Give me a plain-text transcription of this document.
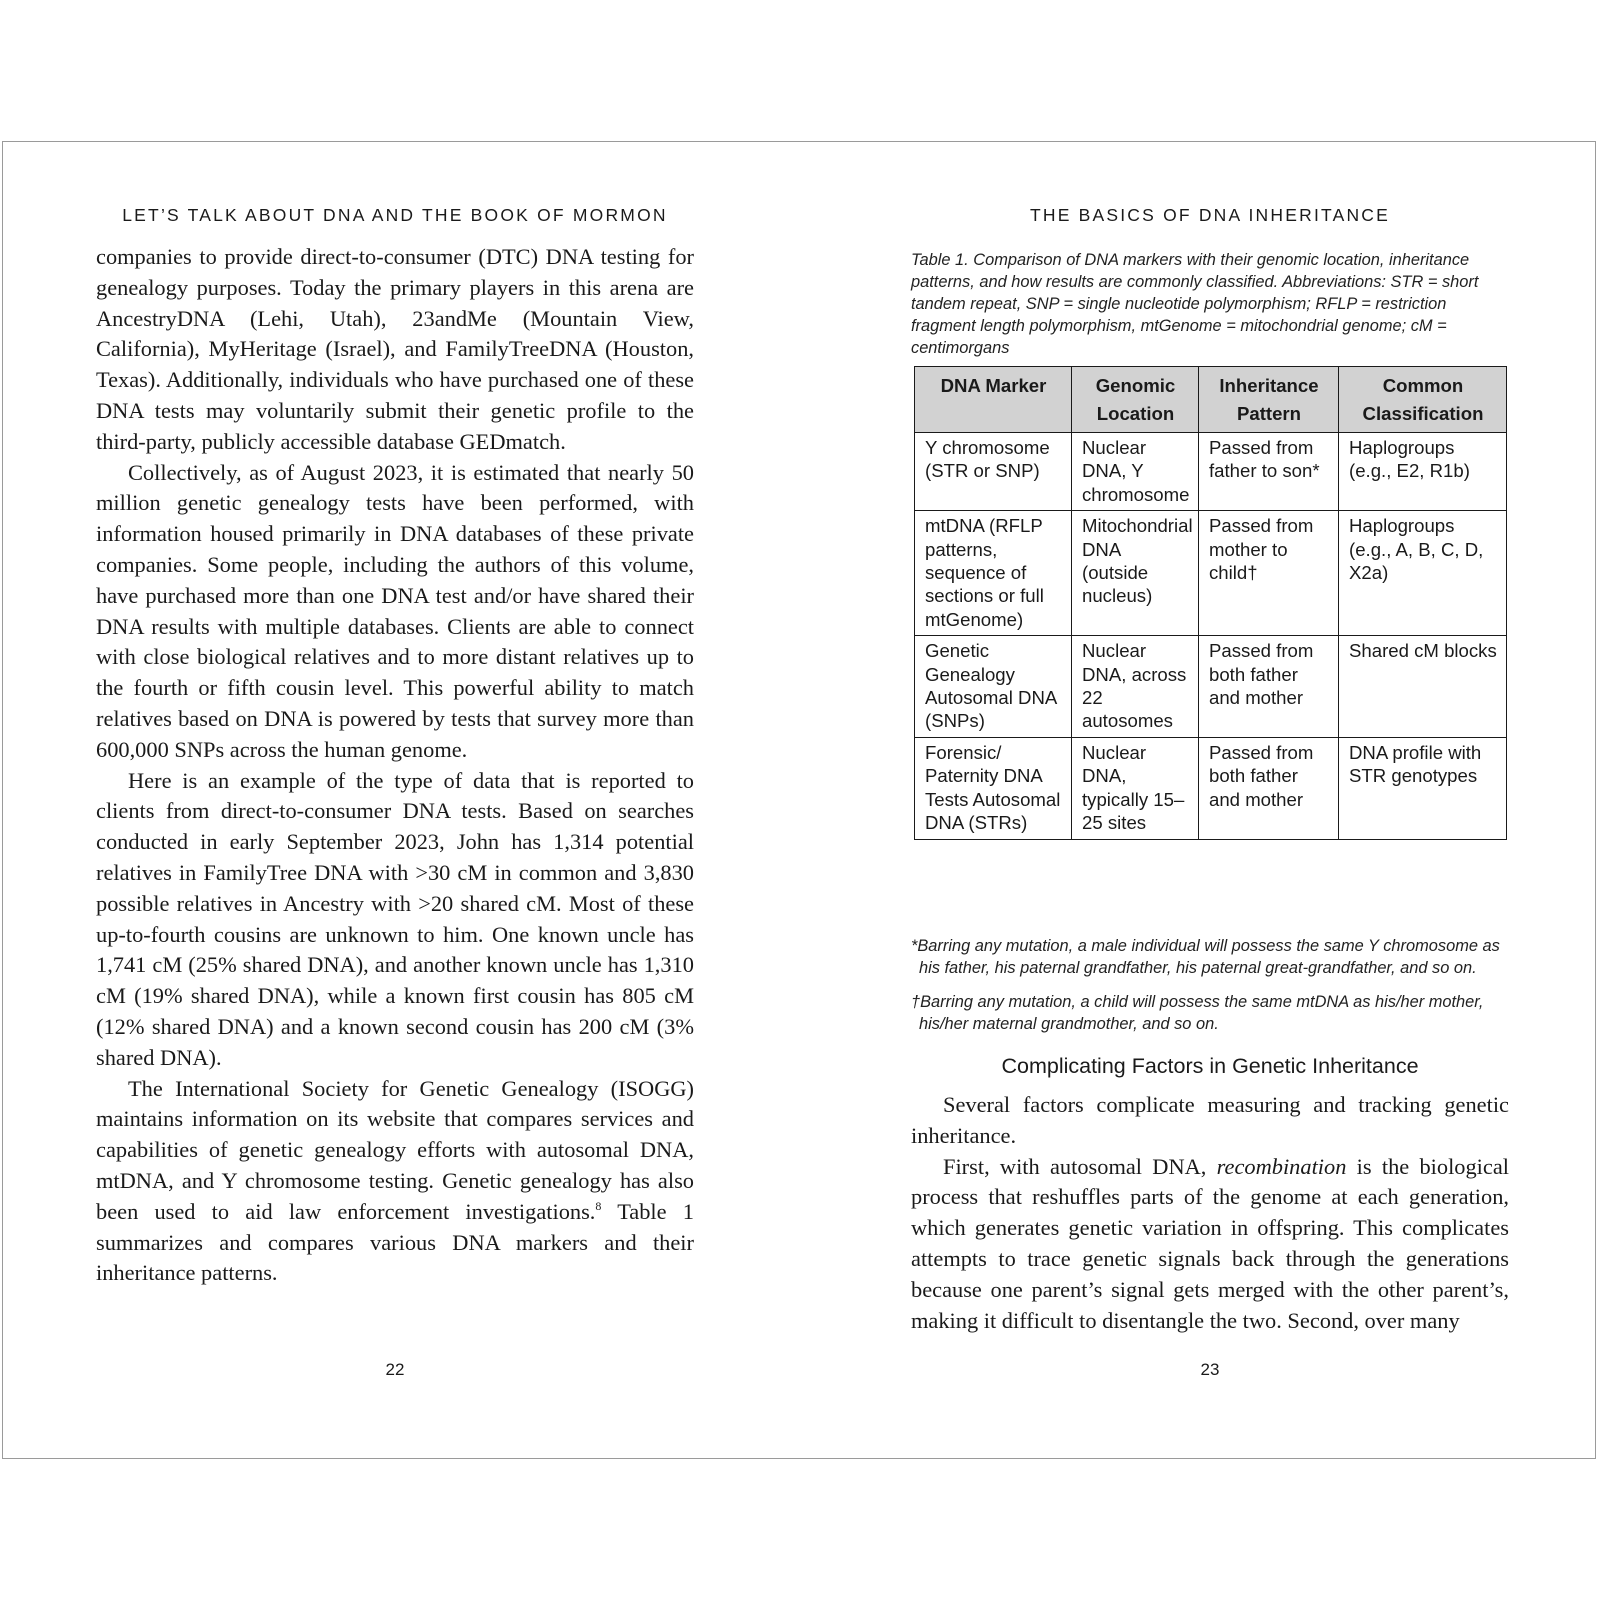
LET’S TALK ABOUT DNA AND THE BOOK OF MORMON

companies to provide direct-to-consumer (DTC) DNA testing for genealogy purposes. Today the primary players in this arena are AncestryDNA (Lehi, Utah), 23andMe (Mountain View, California), MyHeritage (Israel), and FamilyTreeDNA (Houston, Texas). Additionally, individuals who have purchased one of these DNA tests may voluntarily submit their genetic profile to the third-party, publicly accessible database GEDmatch.

Collectively, as of August 2023, it is estimated that nearly 50 million genetic genealogy tests have been performed, with information housed primarily in DNA databases of these private companies. Some people, including the authors of this volume, have purchased more than one DNA test and/or have shared their DNA results with multiple databases. Clients are able to connect with close biological relatives and to more distant relatives up to the fourth or fifth cousin level. This powerful ability to match relatives based on DNA is powered by tests that survey more than 600,000 SNPs across the human genome.

Here is an example of the type of data that is reported to clients from direct-to-consumer DNA tests. Based on searches conducted in early September 2023, John has 1,314 potential relatives in FamilyTree DNA with >30 cM in common and 3,830 possible relatives in Ancestry with >20 shared cM. Most of these up-to-fourth cousins are unknown to him. One known uncle has 1,741 cM (25% shared DNA), and another known uncle has 1,310 cM (19% shared DNA), while a known first cousin has 805 cM (12% shared DNA) and a known second cousin has 200 cM (3% shared DNA).

The International Society for Genetic Genealogy (ISOGG) maintains information on its website that compares services and capabilities of genetic genealogy efforts with autosomal DNA, mtDNA, and Y chromosome testing. Genetic genealogy has also been used to aid law enforcement investigations.$^8$ Table 1 summarizes and compares various DNA markers and their inheritance patterns.

22
THE BASICS OF DNA INHERITANCE
Table 1. Comparison of DNA markers with their genomic location, inheritance patterns, and how results are commonly classified. Abbreviations: STR = short tandem repeat, SNP = single nucleotide polymorphism; RFLP = restriction fragment length polymorphism, mtGenome = mitochondrial genome; cM = centimorgans
DNA Marker	Genomic Location	Inheritance Pattern	Common Classification
Y chromosome (STR or SNP)	Nuclear DNA, Y chromosome	Passed from father to son*	Haplogroups (e.g., E2, R1b)
mtDNA (RFLP patterns, sequence of sections or full mtGenome)	Mitochondrial DNA (outside nucleus)	Passed from mother to child†	Haplogroups (e.g., A, B, C, D, X2a)
Genetic Genealogy Autosomal DNA (SNPs)	Nuclear DNA, across 22 autosomes	Passed from both father and mother	Shared cM blocks
Forensic/ Paternity DNA Tests Autosomal DNA (STRs)	Nuclear DNA, typically 15–25 sites	Passed from both father and mother	DNA profile with STR genotypes

*Barring any mutation, a male individual will possess the same Y chromosome as his father, his paternal grandfather, his paternal great-grandfather, and so on.

†Barring any mutation, a child will possess the same mtDNA as his/her mother, his/her maternal grandmother, and so on.

Complicating Factors in Genetic Inheritance

Several factors complicate measuring and tracking genetic inheritance.

First, with autosomal DNA, recombination is the biological process that reshuffles parts of the genome at each generation, which generates genetic variation in offspring. This complicates attempts to trace genetic signals back through the generations because one parent’s signal gets merged with the other parent’s, making it difficult to disentangle the two. Second, over many

23
